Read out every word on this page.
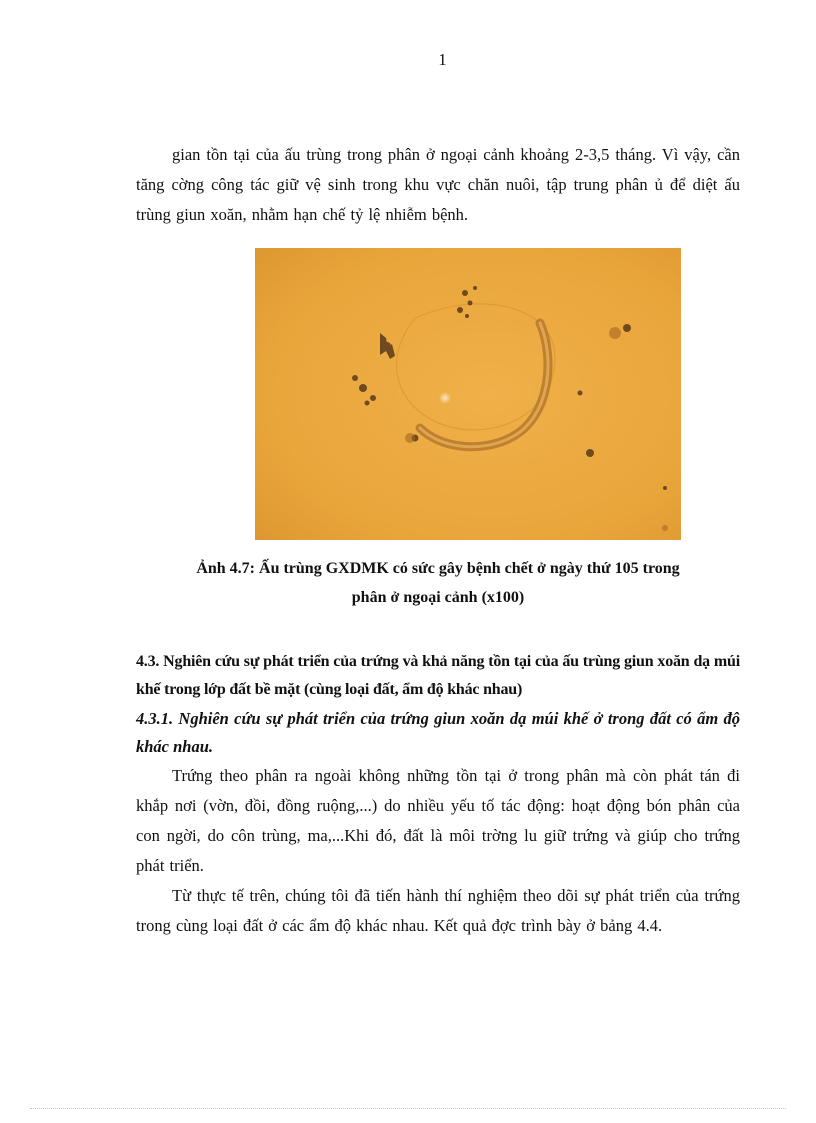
1

gian tồn tại của ấu trùng trong phân ở ngoại cảnh khoảng 2-3,5 tháng. Vì vậy, cần tăng cờng công tác giữ vệ sinh trong khu vực chăn nuôi, tập trung phân ủ để diệt ấu trùng giun xoăn, nhằm hạn chế tỷ lệ nhiễm bệnh.

Ảnh 4.7: Ấu trùng GXDMK có sức gây bệnh chết ở ngày thứ 105 trong
phân ở ngoại cảnh (x100)
4.3. Nghiên cứu sự phát triển của trứng và khả năng tồn tại của ấu trùng giun xoăn dạ múi khế trong lớp đất bề mặt (cùng loại đất, ẩm độ khác nhau)
4.3.1. Nghiên cứu sự phát triển của trứng giun xoăn dạ múi khế ở trong đất có ẩm độ khác nhau.

Trứng theo phân ra ngoài không những tồn tại ở trong phân mà còn phát tán đi khắp nơi (vờn, đồi, đồng ruộng,...) do nhiều yếu tố tác động: hoạt động bón phân của con ngời, do côn trùng, ma,...Khi đó, đất là môi trờng lu giữ trứng và giúp cho trứng phát triển.

Từ thực tế trên, chúng tôi đã tiến hành thí nghiệm theo dõi sự phát triển của trứng trong cùng loại đất ở các ẩm độ khác nhau. Kết quả đợc trình bày ở bảng 4.4.
